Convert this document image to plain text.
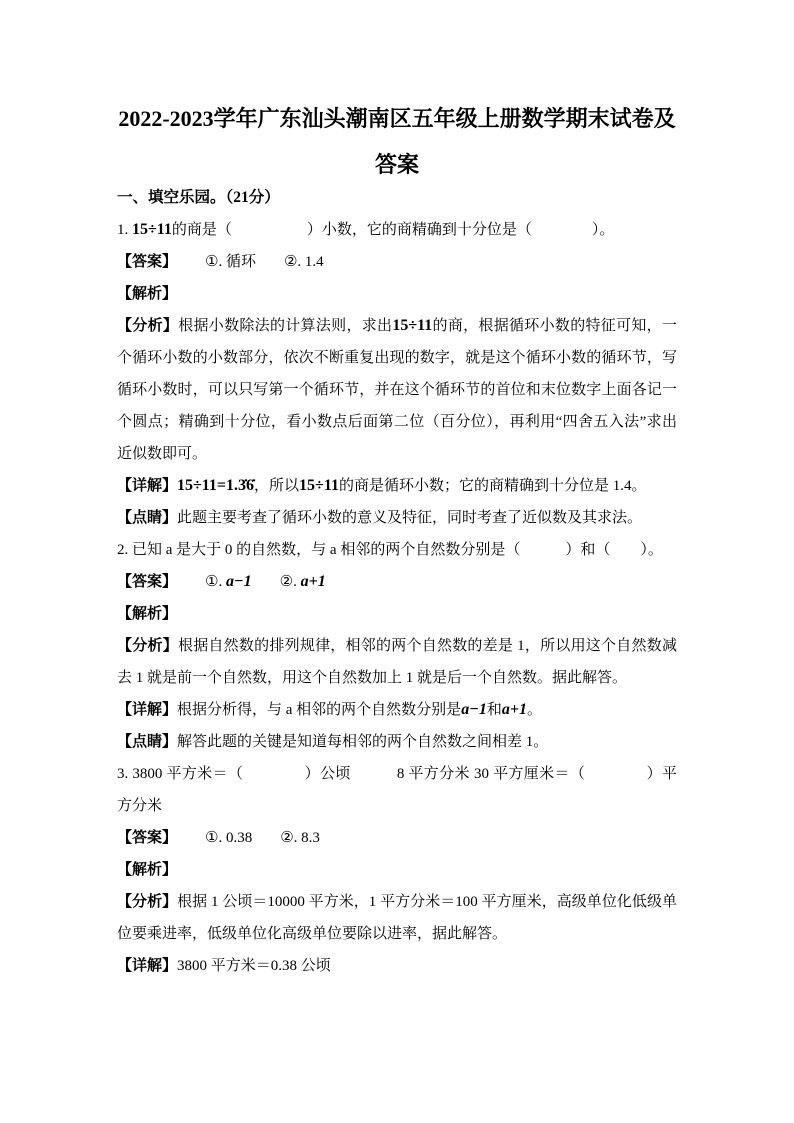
2022-2023学年广东汕头潮南区五年级上册数学期末试卷及
答案
一、填空乐园。（21分）

1. 15÷11的商是（　　　　　）小数，它的商精确到十分位是（　　　　）。

【答案】 ①. 循环 ②. 1.4

【解析】

【分析】根据小数除法的计算法则，求出15÷11的商，根据循环小数的特征可知，一个循环小数的小数部分，依次不断重复出现的数字，就是这个循环小数的循环节，写循环小数时，可以只写第一个循环节，并在这个循环节的首位和末位数字上面各记一个圆点；精确到十分位，看小数点后面第二位（百分位），再利用“四舍五入法”求出近似数即可。

【详解】15÷11=1.3̇6̇，所以15÷11的商是循环小数；它的商精确到十分位是 1.4。

【点睛】此题主要考查了循环小数的意义及特征，同时考查了近似数及其求法。

2. 已知 a 是大于 0 的自然数，与 a 相邻的两个自然数分别是（　　　）和（　　）。

【答案】 ①. a−1 ②. a+1

【解析】

【分析】根据自然数的排列规律，相邻的两个自然数的差是 1，所以用这个自然数减去 1 就是前一个自然数，用这个自然数加上 1 就是后一个自然数。据此解答。

【详解】根据分析得，与 a 相邻的两个自然数分别是a−1和a+1。

【点睛】解答此题的关键是知道每相邻的两个自然数之间相差 1。

3. 3800 平方米＝（　　　　）公顷　　　8 平方分米 30 平方厘米＝（　　　　）平方分米

【答案】 ①. 0.38 ②. 8.3

【解析】

【分析】根据 1 公顷＝10000 平方米，1 平方分米＝100 平方厘米，高级单位化低级单位要乘进率，低级单位化高级单位要除以进率，据此解答。

【详解】3800 平方米＝0.38 公顷
